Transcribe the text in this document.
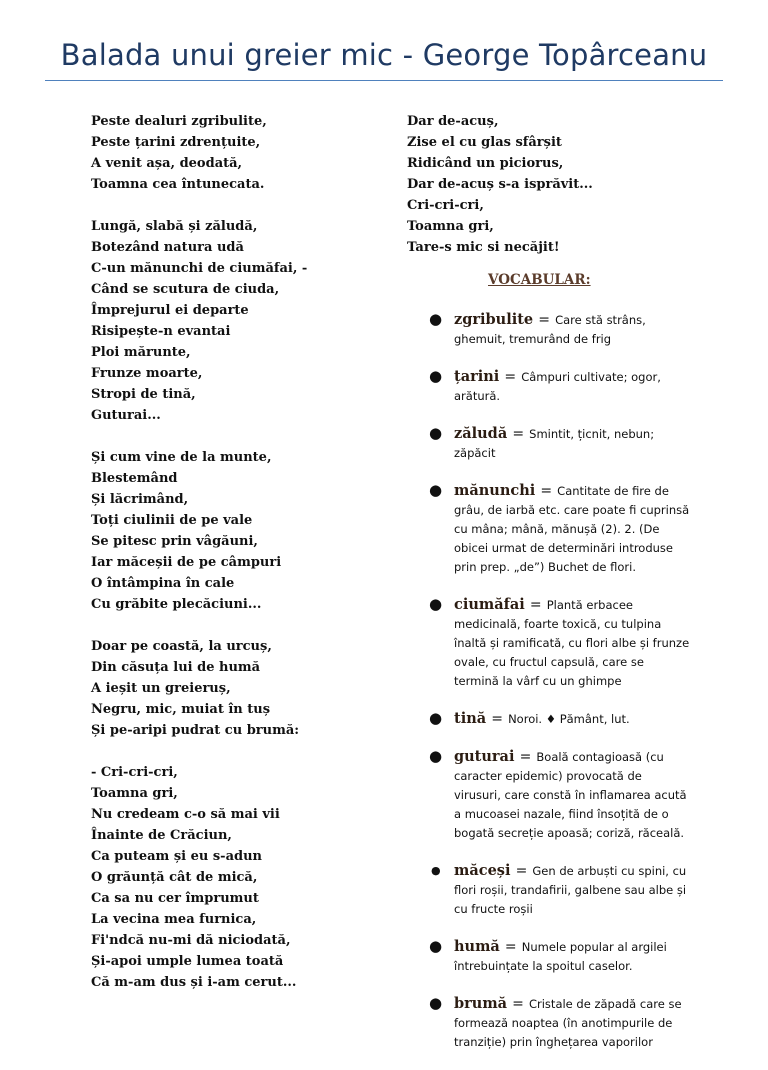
Balada unui greier mic - George Topârceanu
Peste dealuri zgribulite,
Peste țarini zdrențuite,
A venit așa, deodată,
Toamna cea întunecata.
Lungă, slabă și zăludă,
Botezând natura udă
C-un mănunchi de ciumăfai, -
Când se scutura de ciuda,
Împrejurul ei departe
Risipește-n evantai
Ploi mărunte,
Frunze moarte,
Stropi de tină,
Guturai...
Și cum vine de la munte,
Blestemând
Și lăcrimând,
Toți ciulinii de pe vale
Se pitesc prin vâgăuni,
Iar măceșii de pe câmpuri
O întâmpina în cale
Cu grăbite plecăciuni...
Doar pe coastă, la urcuș,
Din căsuța lui de humă
A ieșit un greieruș,
Negru, mic, muiat în tuș
Și pe-aripi pudrat cu brumă:
- Cri-cri-cri,
Toamna gri,
Nu credeam c-o să mai vii
Înainte de Crăciun,
Ca puteam și eu s-adun
O grăunță cât de mică,
Ca sa nu cer împrumut
La vecina mea furnica,
Fi'ndcă nu-mi dă niciodată,
Și-apoi umple lumea toată
Că m-am dus și i-am cerut...
Dar de-acuș,
Zise el cu glas sfârșit
Ridicând un piciorus,
Dar de-acuș s-a isprăvit...
Cri-cri-cri,
Toamna gri,
Tare-s mic si necăjit!
VOCABULAR:
● zgribulite = Care stă strâns, ghemuit, tremurând de frig
● țarini = Câmpuri cultivate; ogor, arătură.
● zăludă = Smintit, țicnit, nebun; zăpăcit
● mănunchi = Cantitate de fire de grâu, de iarbă etc. care poate fi cuprinsă cu mâna; mână, mănușă (2). 2. (De obicei urmat de determinări introduse prin prep. „de”) Buchet de flori.
● ciumăfai = Plantă erbacee medicinală, foarte toxică, cu tulpina înaltă și ramificată, cu flori albe și frunze ovale, cu fructul capsulă, care se termină la vârf cu un ghimpe
● tină = Noroi. ♦ Pământ, lut.
● guturai = Boală contagioasă (cu caracter epidemic) provocată de virusuri, care constă în inflamarea acută a mucoasei nazale, fiind însoțită de o bogată secreție apoasă; coriză, răceală.
● măceși = Gen de arbuști cu spini, cu flori roșii, trandafirii, galbene sau albe și cu fructe roșii
● humă = Numele popular al argilei întrebuințate la spoitul caselor.
● brumă = Cristale de zăpadă care se formează noaptea (în anotimpurile de tranziție) prin înghețarea vaporilor
